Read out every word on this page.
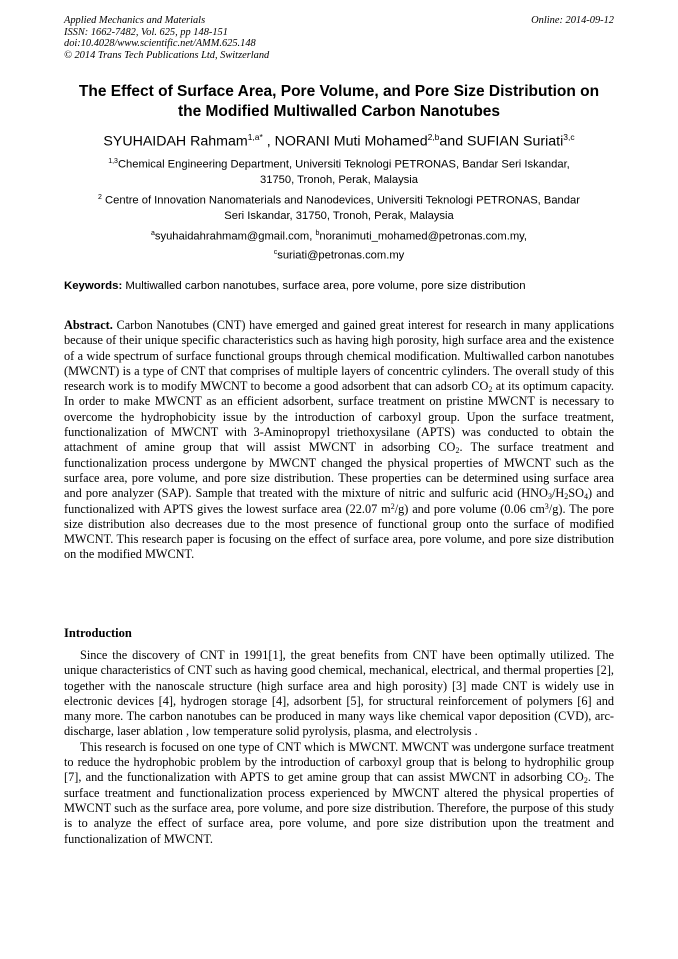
Applied Mechanics and Materials
ISSN: 1662-7482, Vol. 625, pp 148-151
doi:10.4028/www.scientific.net/AMM.625.148
© 2014 Trans Tech Publications Ltd, Switzerland
Online: 2014-09-12
The Effect of Surface Area, Pore Volume, and Pore Size Distribution on
the Modified Multiwalled Carbon Nanotubes
SYUHAIDAH Rahmam$^{1,a*}$ , NORANI Muti Mohamed$^{2,b}$and SUFIAN Suriati$^{3,c}$
$^{1,3}$Chemical Engineering Department, Universiti Teknologi PETRONAS, Bandar Seri Iskandar,
31750, Tronoh, Perak, Malaysia
$^2$ Centre of Innovation Nanomaterials and Nanodevices, Universiti Teknologi PETRONAS, Bandar
Seri Iskandar, 31750, Tronoh, Perak, Malaysia
$^a$syuhaidahrahmam@gmail.com, $^b$noranimuti_mohamed@petronas.com.my,
$^c$suriati@petronas.com.my
Keywords: Multiwalled carbon nanotubes, surface area, pore volume, pore size distribution
Abstract. Carbon Nanotubes (CNT) have emerged and gained great interest for research in many applications because of their unique specific characteristics such as having high porosity, high surface area and the existence of a wide spectrum of surface functional groups through chemical modification. Multiwalled carbon nanotubes (MWCNT) is a type of CNT that comprises of multiple layers of concentric cylinders. The overall study of this research work is to modify MWCNT to become a good adsorbent that can adsorb $CO_2$ at its optimum capacity. In order to make MWCNT as an efficient adsorbent, surface treatment on pristine MWCNT is necessary to overcome the hydrophobicity issue by the introduction of carboxyl group. Upon the surface treatment, functionalization of MWCNT with 3-Aminopropyl triethoxysilane (APTS) was conducted to obtain the attachment of amine group that will assist MWCNT in adsorbing $CO_2$. The surface treatment and functionalization process undergone by MWCNT changed the physical properties of MWCNT such as the surface area, pore volume, and pore size distribution. These properties can be determined using surface area and pore analyzer (SAP). Sample that treated with the mixture of nitric and sulfuric acid $(HNO_3/H_2SO_4)$ and functionalized with APTS gives the lowest surface area (22.07 $m^2/g$) and pore volume (0.06 $cm^3/g$). The pore size distribution also decreases due to the most presence of functional group onto the surface of modified MWCNT. This research paper is focusing on the effect of surface area, pore volume, and pore size distribution on the modified MWCNT.
Introduction

Since the discovery of CNT in 1991[1], the great benefits from CNT have been optimally utilized. The unique characteristics of CNT such as having good chemical, mechanical, electrical, and thermal properties [2], together with the nanoscale structure (high surface area and high porosity) [3] made CNT is widely use in electronic devices [4], hydrogen storage [4], adsorbent [5], for structural reinforcement of polymers [6] and many more. The carbon nanotubes can be produced in many ways like chemical vapor deposition (CVD), arc-discharge, laser ablation , low temperature solid pyrolysis, plasma, and electrolysis .

This research is focused on one type of CNT which is MWCNT. MWCNT was undergone surface treatment to reduce the hydrophobic problem by the introduction of carboxyl group that is belong to hydrophilic group [7], and the functionalization with APTS to get amine group that can assist MWCNT in adsorbing $CO_2$. The surface treatment and functionalization process experienced by MWCNT altered the physical properties of MWCNT such as the surface area, pore volume, and pore size distribution. Therefore, the purpose of this study is to analyze the effect of surface area, pore volume, and pore size distribution upon the treatment and functionalization of MWCNT.
